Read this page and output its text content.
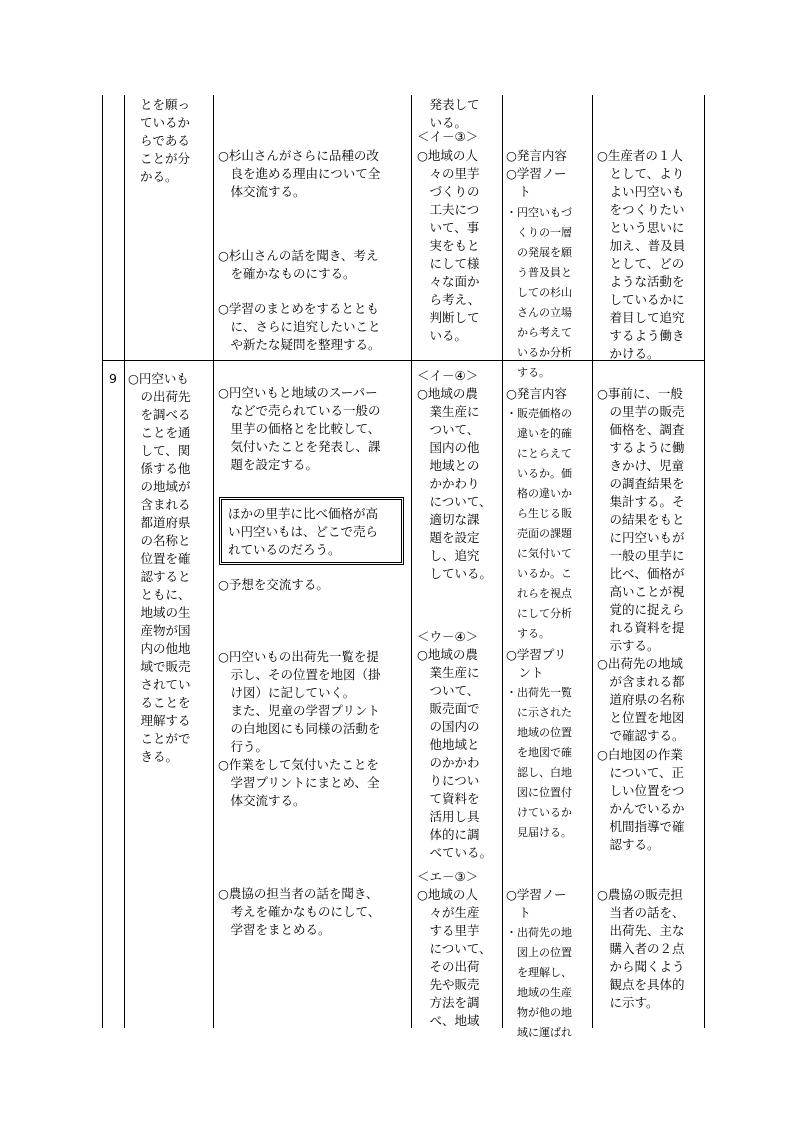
とを願っ
ているか
らである
ことが分
かる。
○杉山さんがさらに品種の改
　良を進める理由について全
　体交流する。
○杉山さんの話を聞き、考え
　を確かなものにする。
○学習のまとめをするととも
　に、さらに追究したいこと
　や新たな疑問を整理する。
　発表して
　いる。
＜イ－③＞
○地域の人
　々の里芋
　づくりの
　工夫につ
　いて、事
　実をもと
　にして様
　々な面か
　ら考え、
　判断して
　いる。
○発言内容
○学習ノー
　ト
・円空いもづ
　くりの一層
　の発展を願
　う普及員と
　しての杉山
　さんの立場
　から考えて
　いるか分析
　する。
○生産者の１人
　として、より
　よい円空いも
　をつくりたい
　という思いに
　加え、普及員
　として、どの
　ような活動を
　しているかに
　着目して追究
　するよう働き
　かける。
9 ○円空いも
　の出荷先
　を調べる
　ことを通
　して、関
　係する他
　の地域が
　含まれる
　都道府県
　の名称と
　位置を確
　認すると
　ともに、
　地域の生
　産物が国
　内の他地
　域で販売
　されてい
　ることを
　理解する
　ことがで
　きる。
○円空いもと地域のスーパー
　などで売られている一般の
　里芋の価格とを比較して、
　気付いたことを発表し、課
　題を設定する。
ほかの里芋に比べ価格が高
い円空いもは、どこで売ら
れているのだろう。
○予想を交流する。
○円空いもの出荷先一覧を提
　示し、その位置を地図（掛
　け図）に記していく。
　また、児童の学習プリント
　の白地図にも同様の活動を
　行う。
○作業をして気付いたことを
　学習プリントにまとめ、全
　体交流する。
○農協の担当者の話を聞き、
　考えを確かなものにして、
　学習をまとめる。
＜イ－④＞
○地域の農
　業生産に
　ついて、
　国内の他
　地域との
　かかわり
　について、
　適切な課
　題を設定
　し、追究
　している。
＜ウ－④＞
○地域の農
　業生産に
　ついて、
　販売面で
　の国内の
　他地域と
　のかかわ
　りについ
　て資料を
　活用し具
　体的に調
　べている。
＜エ－③＞
○地域の人
　々が生産
　する里芋
　について、
　その出荷
　先や販売
　方法を調
　べ、地域
○発言内容
・販売価格の
　違いを的確
　にとらえて
　いるか。価
　格の違いか
　ら生じる販
　売面の課題
　に気付いて
　いるか。こ
　れらを視点
　にして分析
　する。
○学習プリ
　ント
・出荷先一覧
　に示された
　地域の位置
　を地図で確
　認し、白地
　図に位置付
　けているか
　見届ける。
○学習ノー
　ト
・出荷先の地
　図上の位置
　を理解し、
　地域の生産
　物が他の地
　域に運ばれ
○事前に、一般
　の里芋の販売
　価格を、調査
　するように働
　きかけ、児童
　の調査結果を
　集計する。そ
　の結果をもと
　に円空いもが
　一般の里芋に
　比べ、価格が
　高いことが視
　覚的に捉えら
　れる資料を提
　示する。
○出荷先の地域
　が含まれる都
　道府県の名称
　と位置を地図
　で確認する。
○白地図の作業
　について、正
　しい位置をつ
　かんでいるか
　机間指導で確
　認する。
○農協の販売担
　当者の話を、
　出荷先、主な
　購入者の２点
　から聞くよう
　観点を具体的
　に示す。
